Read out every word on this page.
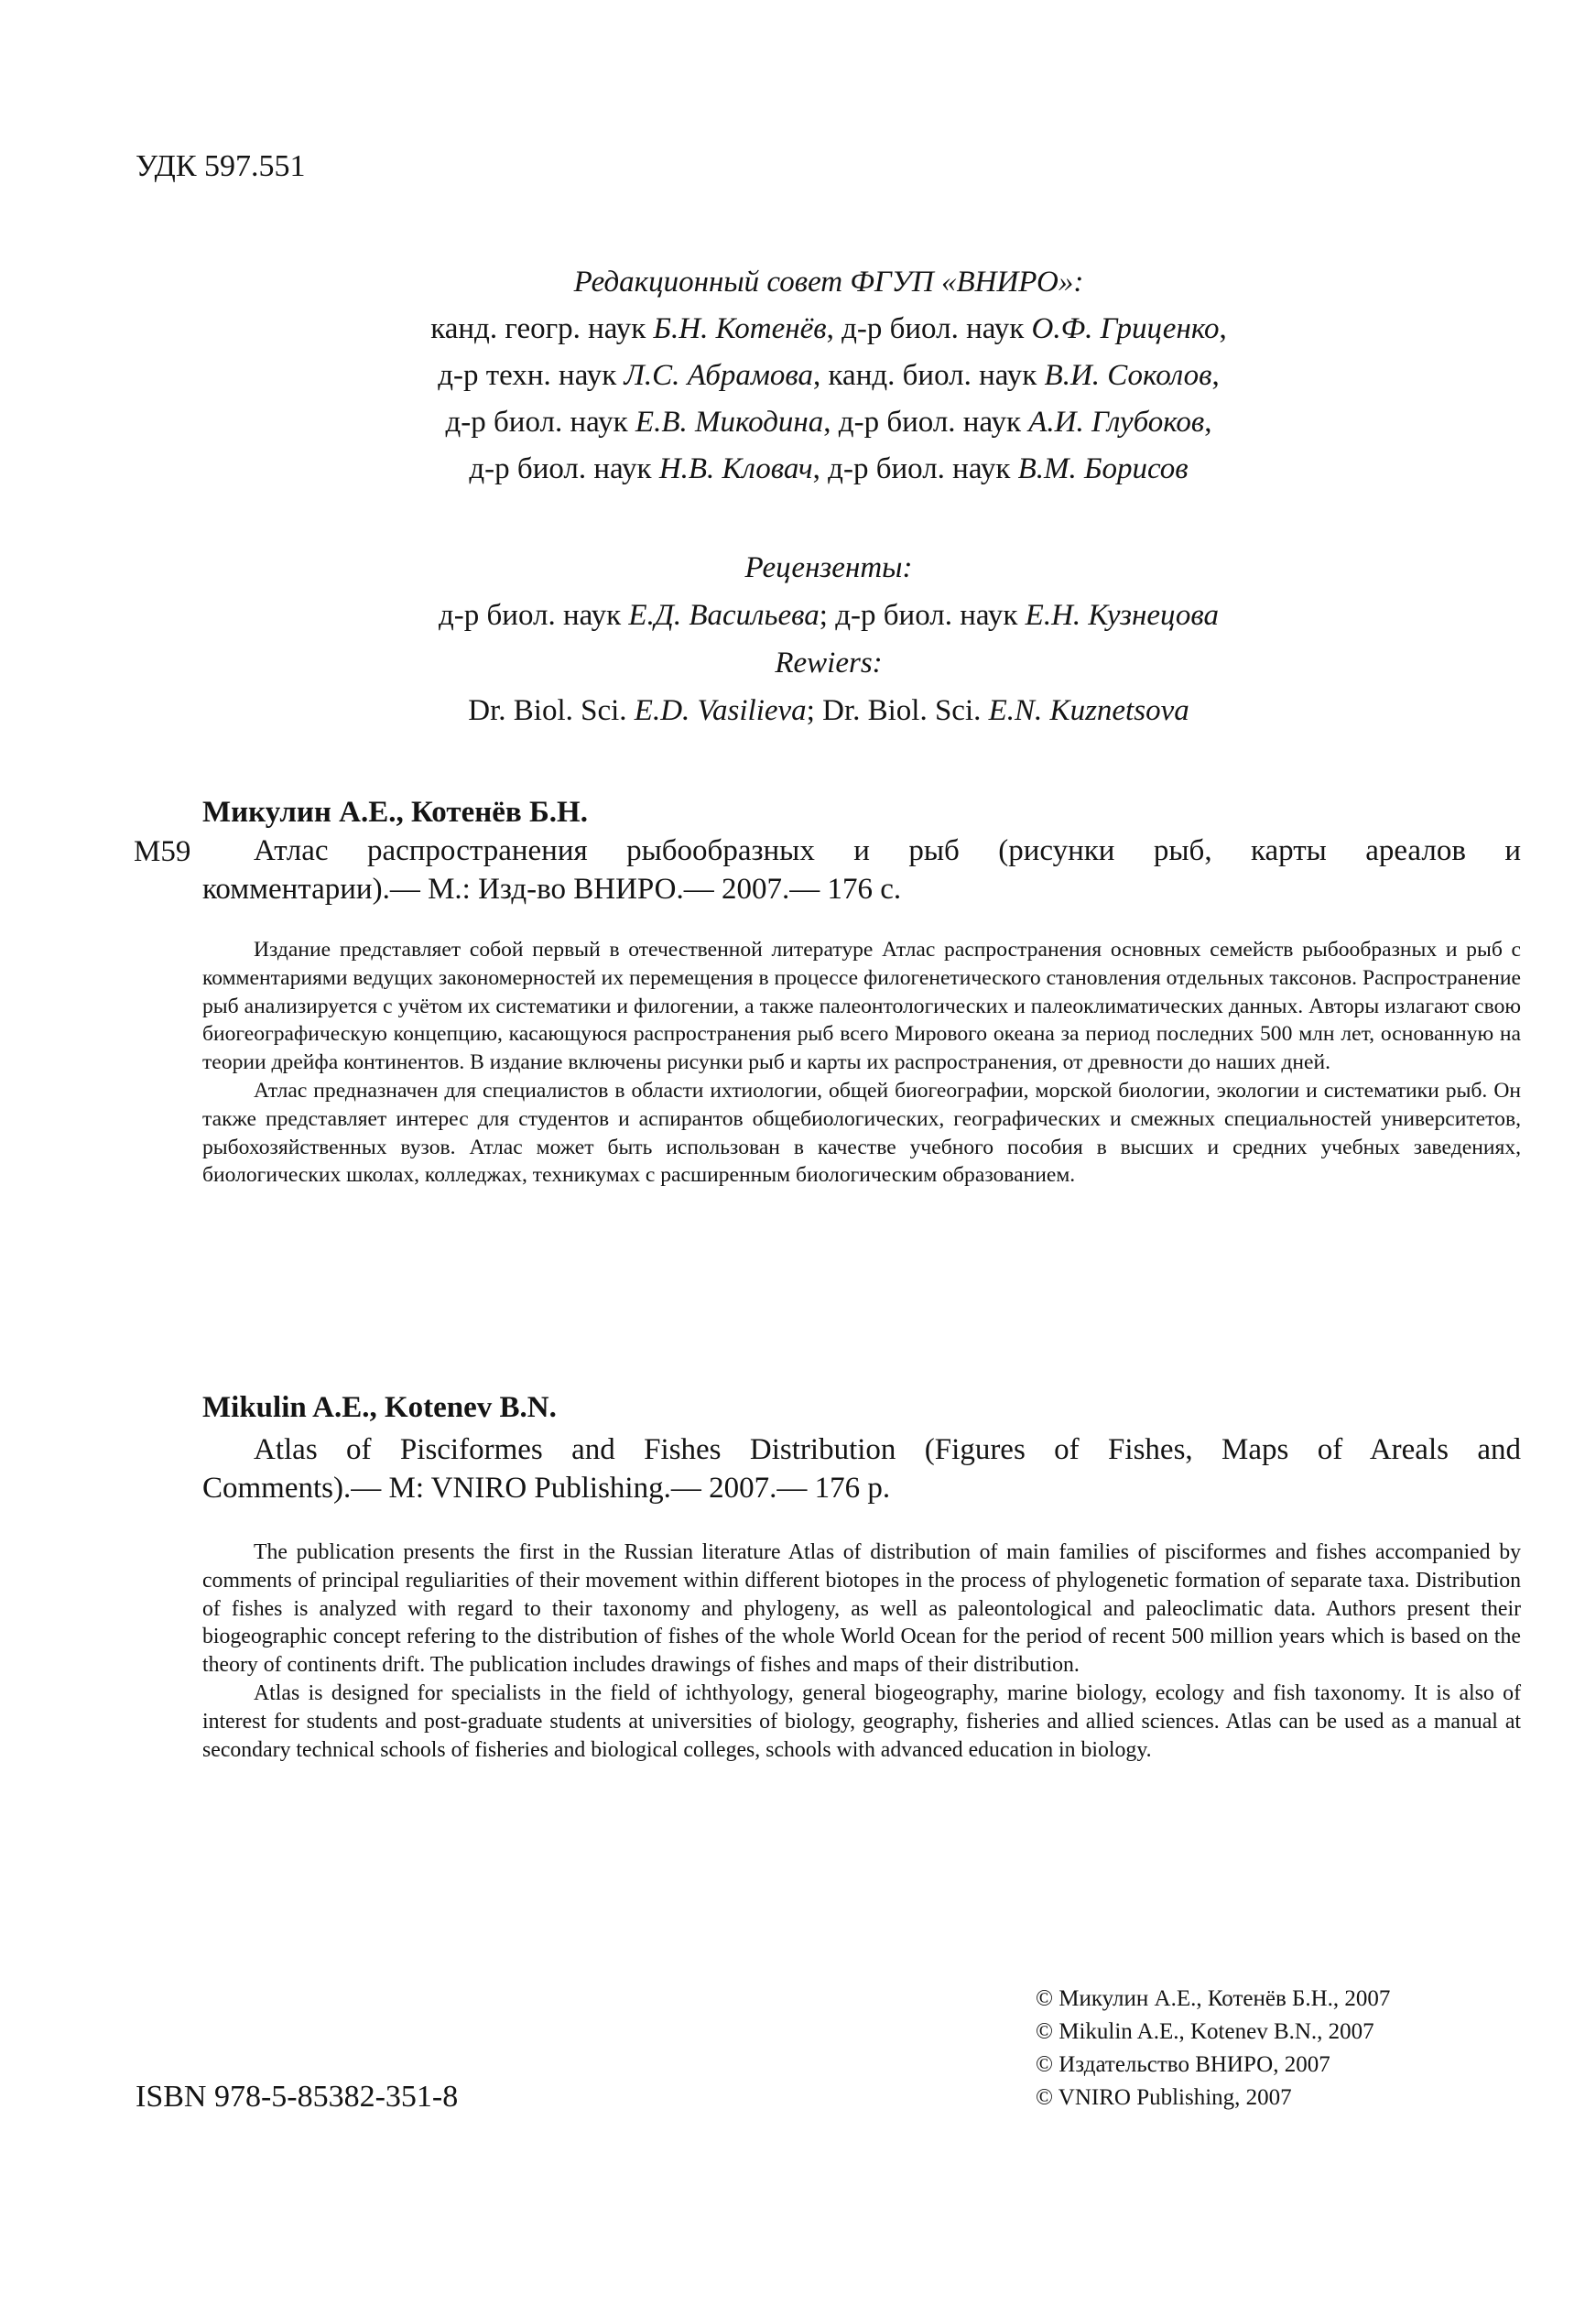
УДК 597.551
Редакционный совет ФГУП «ВНИРО»:
канд. геогр. наук Б.Н. Котенёв, д-р биол. наук О.Ф. Гриценко,
д-р техн. наук Л.С. Абрамова, канд. биол. наук В.И. Соколов,
д-р биол. наук Е.В. Микодина, д-р биол. наук А.И. Глубоков,
д-р биол. наук Н.В. Кловач, д-р биол. наук В.М. Борисов
Рецензенты:
д-р биол. наук Е.Д. Васильева; д-р биол. наук Е.Н. Кузнецова
Rewiers:
Dr. Biol. Sci. E.D. Vasilieva; Dr. Biol. Sci. E.N. Kuznetsova
Микулин А.Е., Котенёв Б.Н.
М59	Атлас распространения рыбообразных и рыб (рисунки рыб, карты ареалов и
комментарии).— М.: Изд-во ВНИРО.— 2007.— 176 с.

Издание представляет собой первый в отечественной литературе Атлас распространения основных семейств рыбообразных и рыб с комментариями ведущих закономерностей их перемещения в процессе филогенетического становления отдельных таксонов. Распространение рыб анализируется с учётом их систематики и филогении, а также палеонтологических и палеоклиматических данных. Авторы излагают свою биогеографическую концепцию, касающуюся распространения рыб всего Мирового океана за период последних 500 млн лет, основанную на теории дрейфа континентов. В издание включены рисунки рыб и карты их распространения, от древности до наших дней.

Атлас предназначен для специалистов в области ихтиологии, общей биогеографии, морской биологии, экологии и систематики рыб. Он также представляет интерес для студентов и аспирантов общебиологических, географических и смежных специальностей университетов, рыбохозяйственных вузов. Атлас может быть использован в качестве учебного пособия в высших и средних учебных заведениях, биологических школах, колледжах, техникумах с расширенным биологическим образованием.

Mikulin A.E., Kotenev B.N.
Atlas of Pisciformes and Fishes Distribution (Figures of Fishes, Maps of Areals and
Comments).— M: VNIRO Publishing.— 2007.— 176 p.

The publication presents the first in the Russian literature Atlas of distribution of main families of pisciformes and fishes accompanied by comments of principal reguliarities of their movement within different biotopes in the process of phylogenetic formation of separate taxa. Distribution of fishes is analyzed with regard to their taxonomy and phylogeny, as well as paleontological and paleoclimatic data. Authors present their biogeographic concept refering to the distribution of fishes of the whole World Ocean for the period of recent 500 million years which is based on the theory of continents drift. The publication includes drawings of fishes and maps of their distribution.

Atlas is designed for specialists in the field of ichthyology, general biogeography, marine biology, ecology and fish taxonomy. It is also of interest for students and post-graduate students at universities of biology, geography, fisheries and allied sciences. Atlas can be used as a manual at secondary technical schools of fisheries and biological colleges, schools with advanced education in biology.

© Микулин А.Е., Котенёв Б.Н., 2007
© Mikulin A.E., Kotenev B.N., 2007
© Издательство ВНИРО, 2007
© VNIRO Publishing, 2007
ISBN 978-5-85382-351-8
